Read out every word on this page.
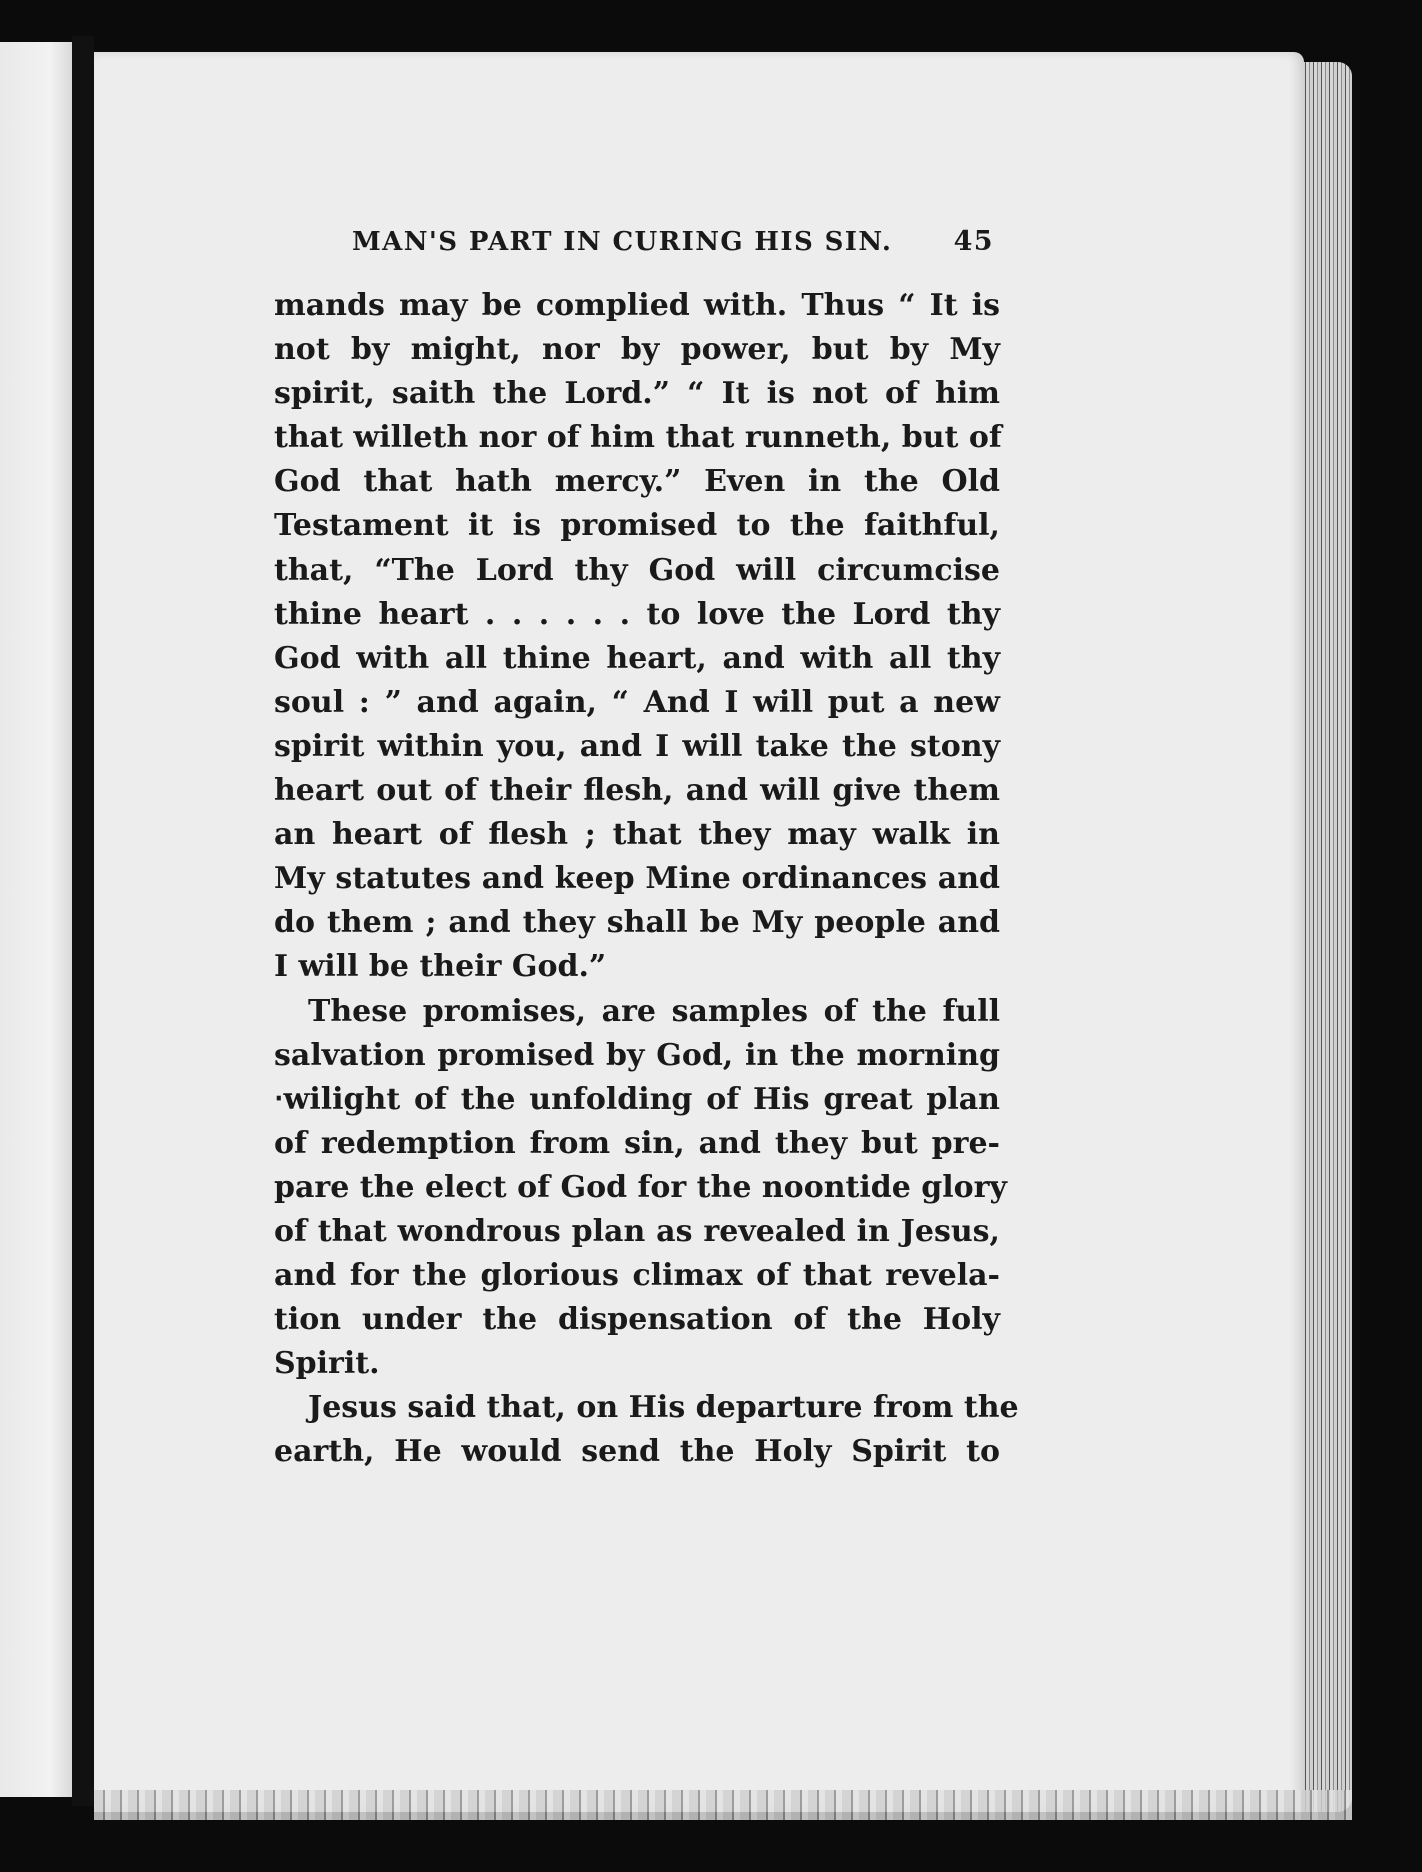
MAN'S PART IN CURING HIS SIN. 45
mands may be complied with. Thus “ It is
not by might, nor by power, but by My
spirit, saith the Lord.” “ It is not of him
that willeth nor of him that runneth, but of
God that hath mercy.” Even in the Old
Testament it is promised to the faithful,
that, “The Lord thy God will circumcise
thine heart . . . . . . to love the Lord thy
God with all thine heart, and with all thy
soul : ” and again, “ And I will put a new
spirit within you, and I will take the stony
heart out of their flesh, and will give them
an heart of flesh ; that they may walk in
My statutes and keep Mine ordinances and
do them ; and they shall be My people and
I will be their God.”
These promises, are samples of the full
salvation promised by God, in the morning
‧wilight of the unfolding of His great plan
of redemption from sin, and they but pre-
pare the elect of God for the noontide glory
of that wondrous plan as revealed in Jesus,
and for the glorious climax of that revela-
tion under the dispensation of the Holy
Spirit.
Jesus said that, on His departure from the
earth, He would send the Holy Spirit to
